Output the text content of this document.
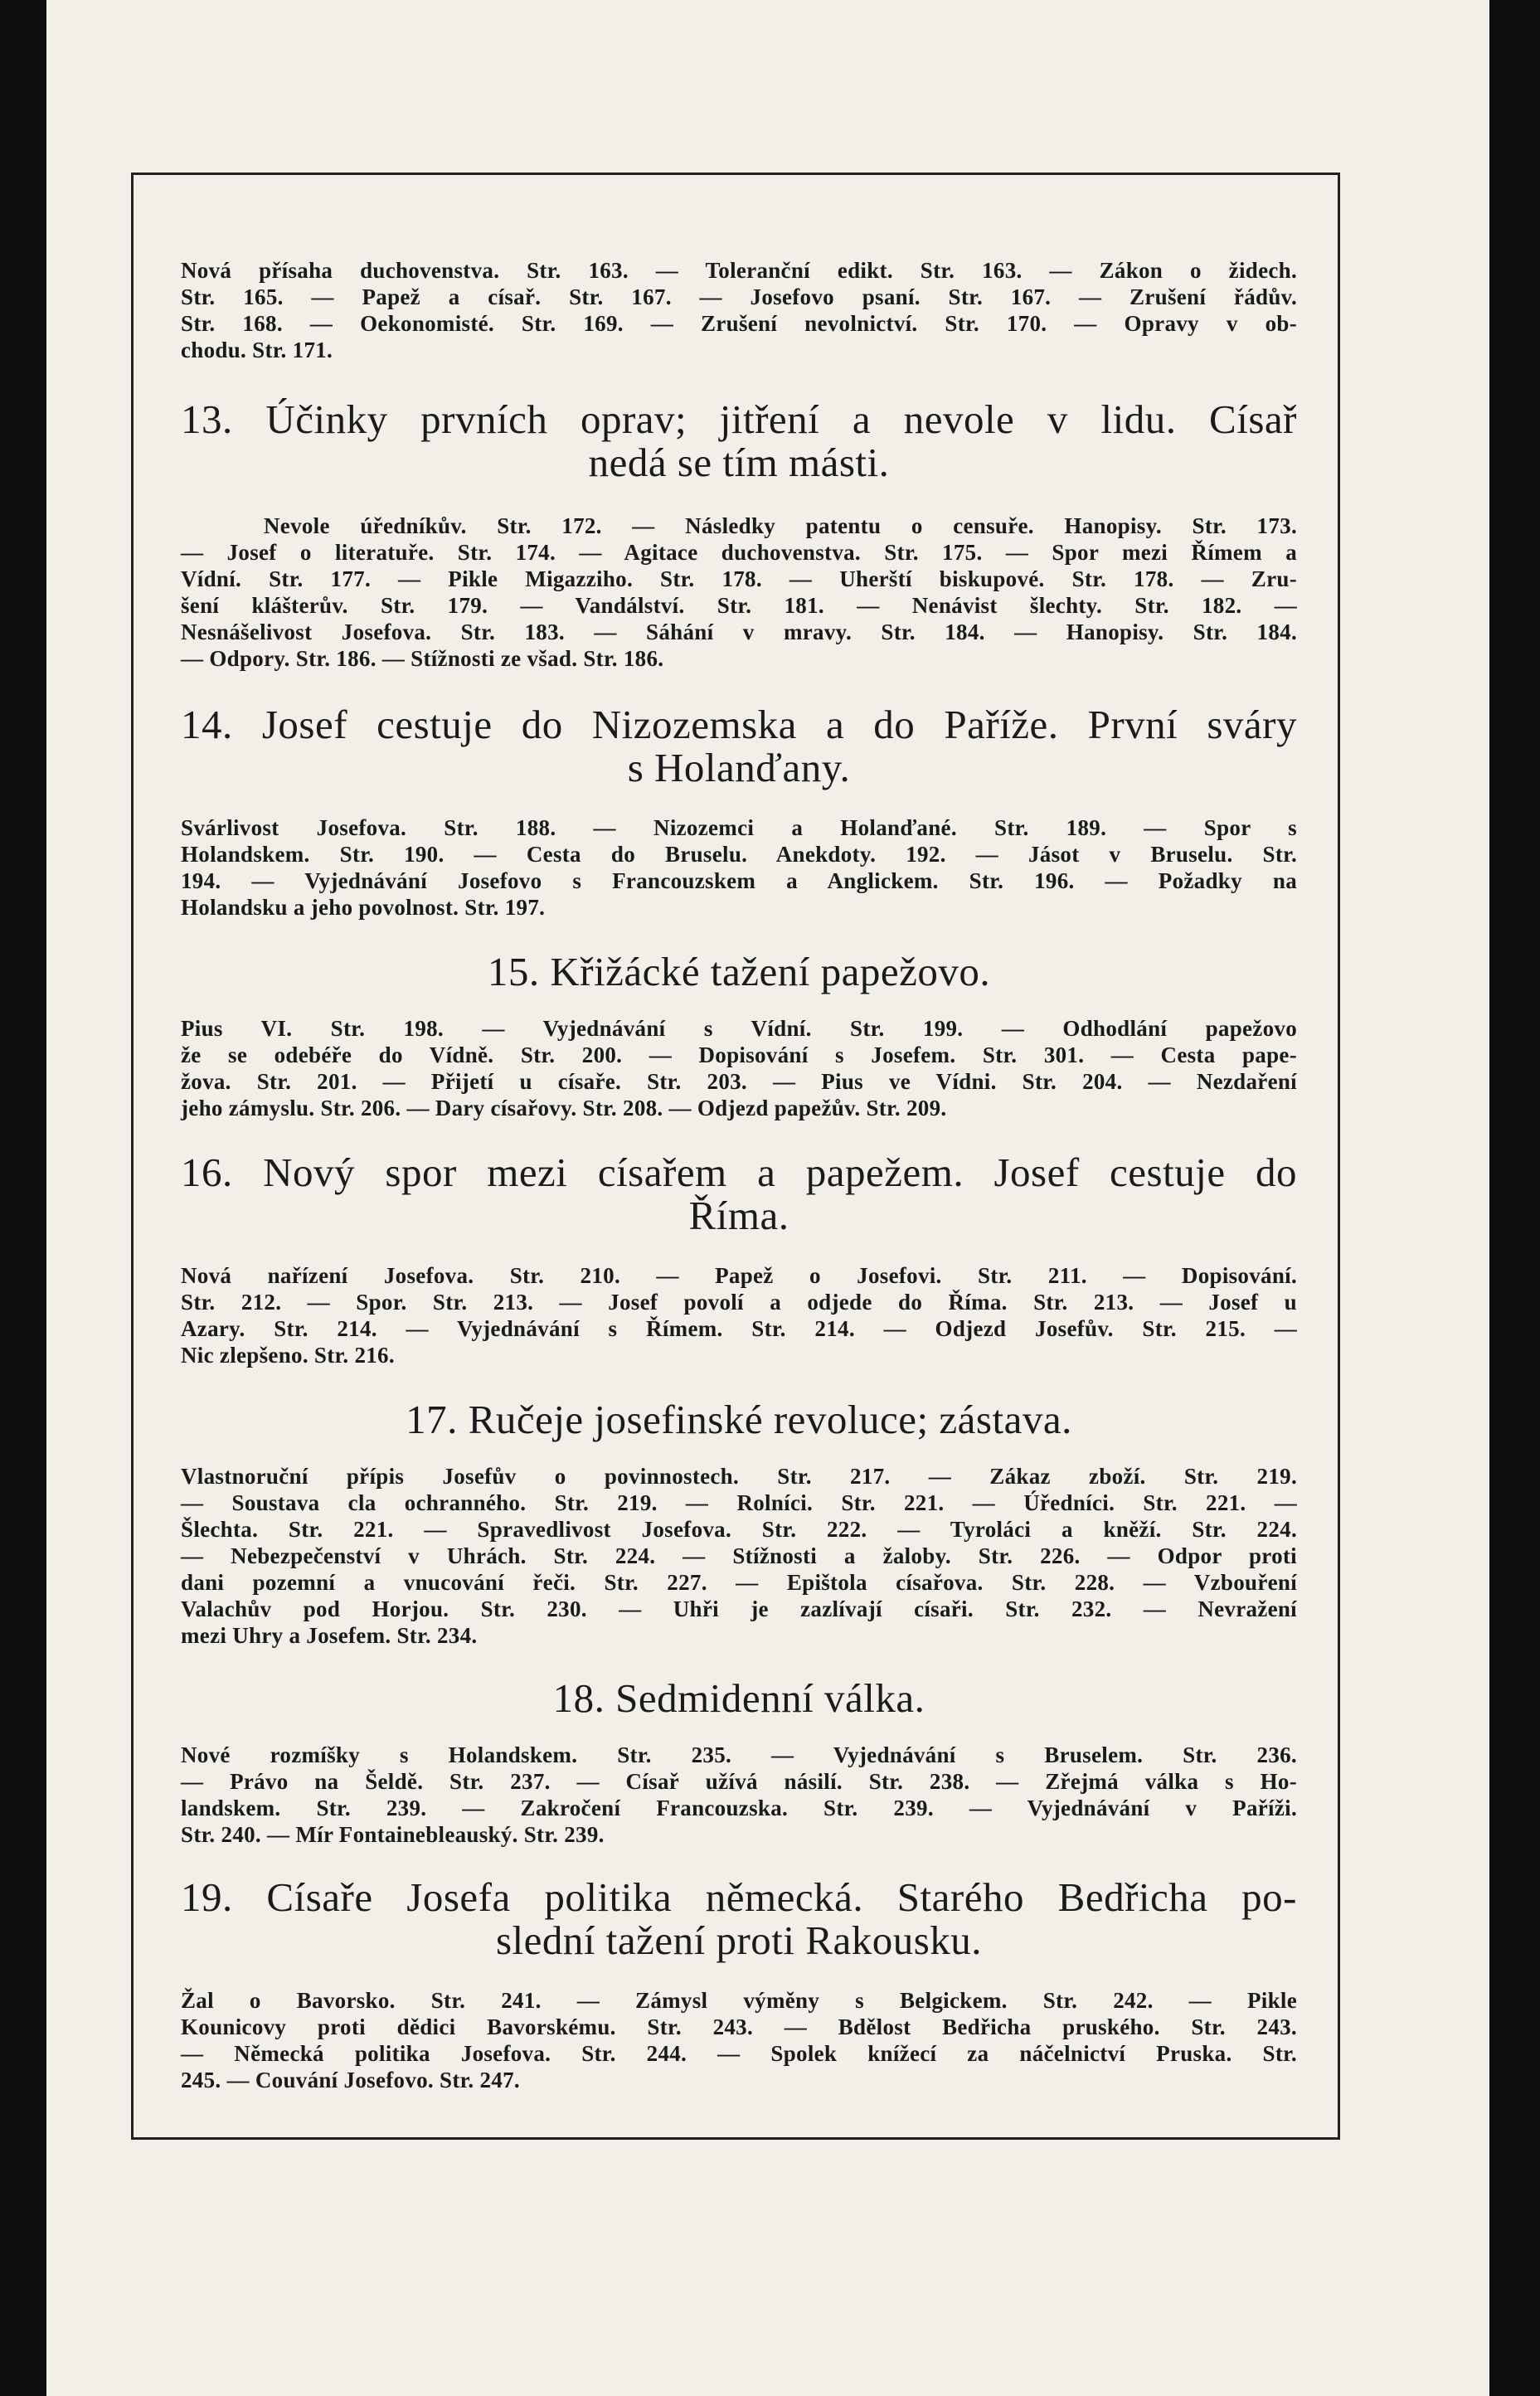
Nová přísaha duchovenstva. Str. 163. — Toleranční edikt. Str. 163. — Zákon o židech.
Str. 165. — Papež a císař. Str. 167. — Josefovo psaní. Str. 167. — Zrušení řádův.
Str. 168. — Oekonomisté. Str. 169. — Zrušení nevolnictví. Str. 170. — Opravy v ob-
chodu. Str. 171.
13. Účinky prvních oprav; jitření a nevole v lidu. Císař
nedá se tím másti.
Nevole úředníkův. Str. 172. — Následky patentu o censuře. Hanopisy. Str. 173.
— Josef o literatuře. Str. 174. — Agitace duchovenstva. Str. 175. — Spor mezi Římem a
Vídní. Str. 177. — Pikle Migazziho. Str. 178. — Uherští biskupové. Str. 178. — Zru-
šení klášterův. Str. 179. — Vandálství. Str. 181. — Nenávist šlechty. Str. 182. —
Nesnášelivost Josefova. Str. 183. — Sáhání v mravy. Str. 184. — Hanopisy. Str. 184.
— Odpory. Str. 186. — Stížnosti ze všad. Str. 186.
14. Josef cestuje do Nizozemska a do Paříže. První sváry
s Holanďany.
Svárlivost Josefova. Str. 188. — Nizozemci a Holanďané. Str. 189. — Spor s
Holandskem. Str. 190. — Cesta do Bruselu. Anekdoty. 192. — Jásot v Bruselu. Str.
194. — Vyjednávání Josefovo s Francouzskem a Anglickem. Str. 196. — Požadky na
Holandsku a jeho povolnost. Str. 197.
15. Křižácké tažení papežovo.
Pius VI. Str. 198. — Vyjednávání s Vídní. Str. 199. — Odhodlání papežovo
že se odebéře do Vídně. Str. 200. — Dopisování s Josefem. Str. 301. — Cesta pape-
žova. Str. 201. — Přijetí u císaře. Str. 203. — Pius ve Vídni. Str. 204. — Nezdaření
jeho zámyslu. Str. 206. — Dary císařovy. Str. 208. — Odjezd papežův. Str. 209.
16. Nový spor mezi císařem a papežem. Josef cestuje do
Říma.
Nová nařízení Josefova. Str. 210. — Papež o Josefovi. Str. 211. — Dopisování.
Str. 212. — Spor. Str. 213. — Josef povolí a odjede do Říma. Str. 213. — Josef u
Azary. Str. 214. — Vyjednávání s Římem. Str. 214. — Odjezd Josefův. Str. 215. —
Nic zlepšeno. Str. 216.
17. Ručeje josefinské revoluce; zástava.
Vlastnoruční přípis Josefův o povinnostech. Str. 217. — Zákaz zboží. Str. 219.
— Soustava cla ochranného. Str. 219. — Rolníci. Str. 221. — Úředníci. Str. 221. —
Šlechta. Str. 221. — Spravedlivost Josefova. Str. 222. — Tyroláci a kněží. Str. 224.
— Nebezpečenství v Uhrách. Str. 224. — Stížnosti a žaloby. Str. 226. — Odpor proti
dani pozemní a vnucování řeči. Str. 227. — Epištola císařova. Str. 228. — Vzbouření
Valachův pod Horjou. Str. 230. — Uhři je zazlívají císaři. Str. 232. — Nevražení
mezi Uhry a Josefem. Str. 234.
18. Sedmidenní válka.
Nové rozmíšky s Holandskem. Str. 235. — Vyjednávání s Bruselem. Str. 236.
— Právo na Šeldě. Str. 237. — Císař užívá násilí. Str. 238. — Zřejmá válka s Ho-
landskem. Str. 239. — Zakročení Francouzska. Str. 239. — Vyjednávání v Paříži.
Str. 240. — Mír Fontainebleauský. Str. 239.
19. Císaře Josefa politika německá. Starého Bedřicha po-
slední tažení proti Rakousku.
Žal o Bavorsko. Str. 241. — Zámysl výměny s Belgickem. Str. 242. — Pikle
Kounicovy proti dědici Bavorskému. Str. 243. — Bdělost Bedřicha pruského. Str. 243.
— Německá politika Josefova. Str. 244. — Spolek knížecí za náčelnictví Pruska. Str.
245. — Couvání Josefovo. Str. 247.
